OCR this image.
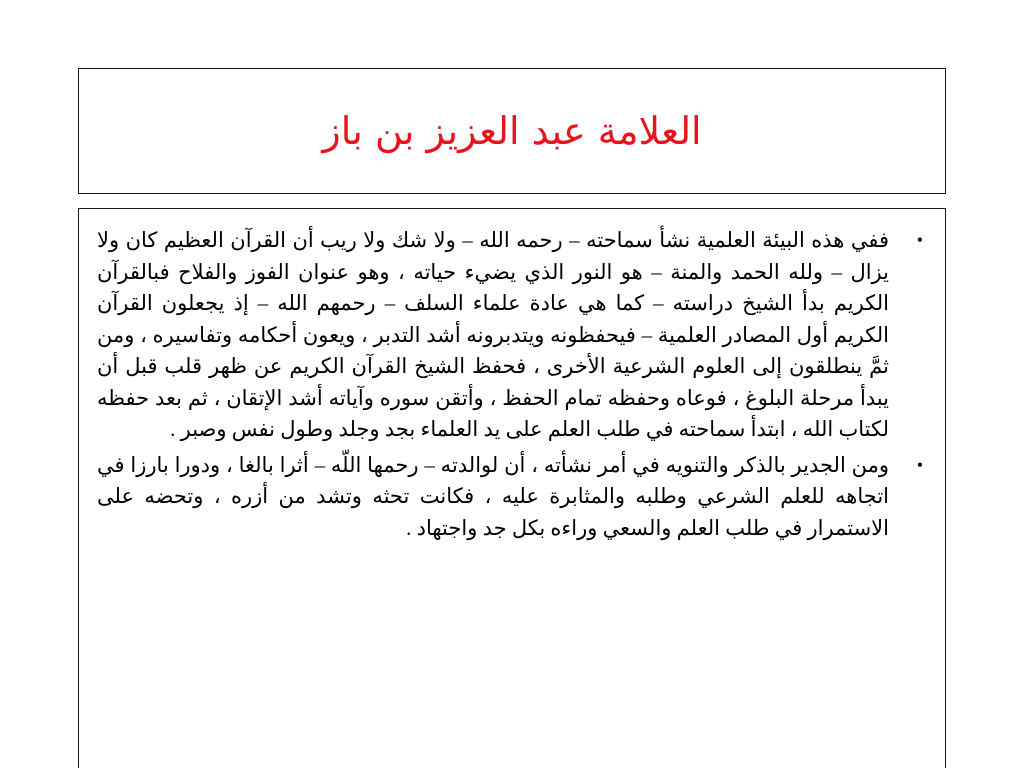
العلامة عبد العزيز بن باز
•
ففي هذه البيئة العلمية نشأ سماحته – رحمه الله – ولا شك ولا ريب أن القرآن العظيم كان ولا يزال – ولله الحمد والمنة – هو النور الذي يضيء حياته ، وهو عنوان الفوز والفلاح فبالقرآن الكريم بدأ الشيخ دراسته – كما هي عادة علماء السلف – رحمهم الله – إذ يجعلون القرآن الكريم أول المصادر العلمية – فيحفظونه ويتدبرونه أشد التدبر ، ويعون أحكامه وتفاسيره ، ومن ثمَّ ينطلقون إلى العلوم الشرعية الأخرى ، فحفظ الشيخ القرآن الكريم عن ظهر قلب قبل أن يبدأ مرحلة البلوغ ، فوعاه وحفظه تمام الحفظ ، وأتقن سوره وآياته أشد الإتقان ، ثم بعد حفظه لكتاب الله ، ابتدأ سماحته في طلب العلم على يد العلماء بجد وجلد وطول نفس وصبر .
•
ومن الجدير بالذكر والتنويه في أمر نشأته ، أن لوالدته – رحمها اللّه – أثرا بالغا ، ودورا بارزا في اتجاهه للعلم الشرعي وطلبه والمثابرة عليه ، فكانت تحثه وتشد من أزره ، وتحضه على الاستمرار في طلب العلم والسعي وراءه بكل جد واجتهاد .
